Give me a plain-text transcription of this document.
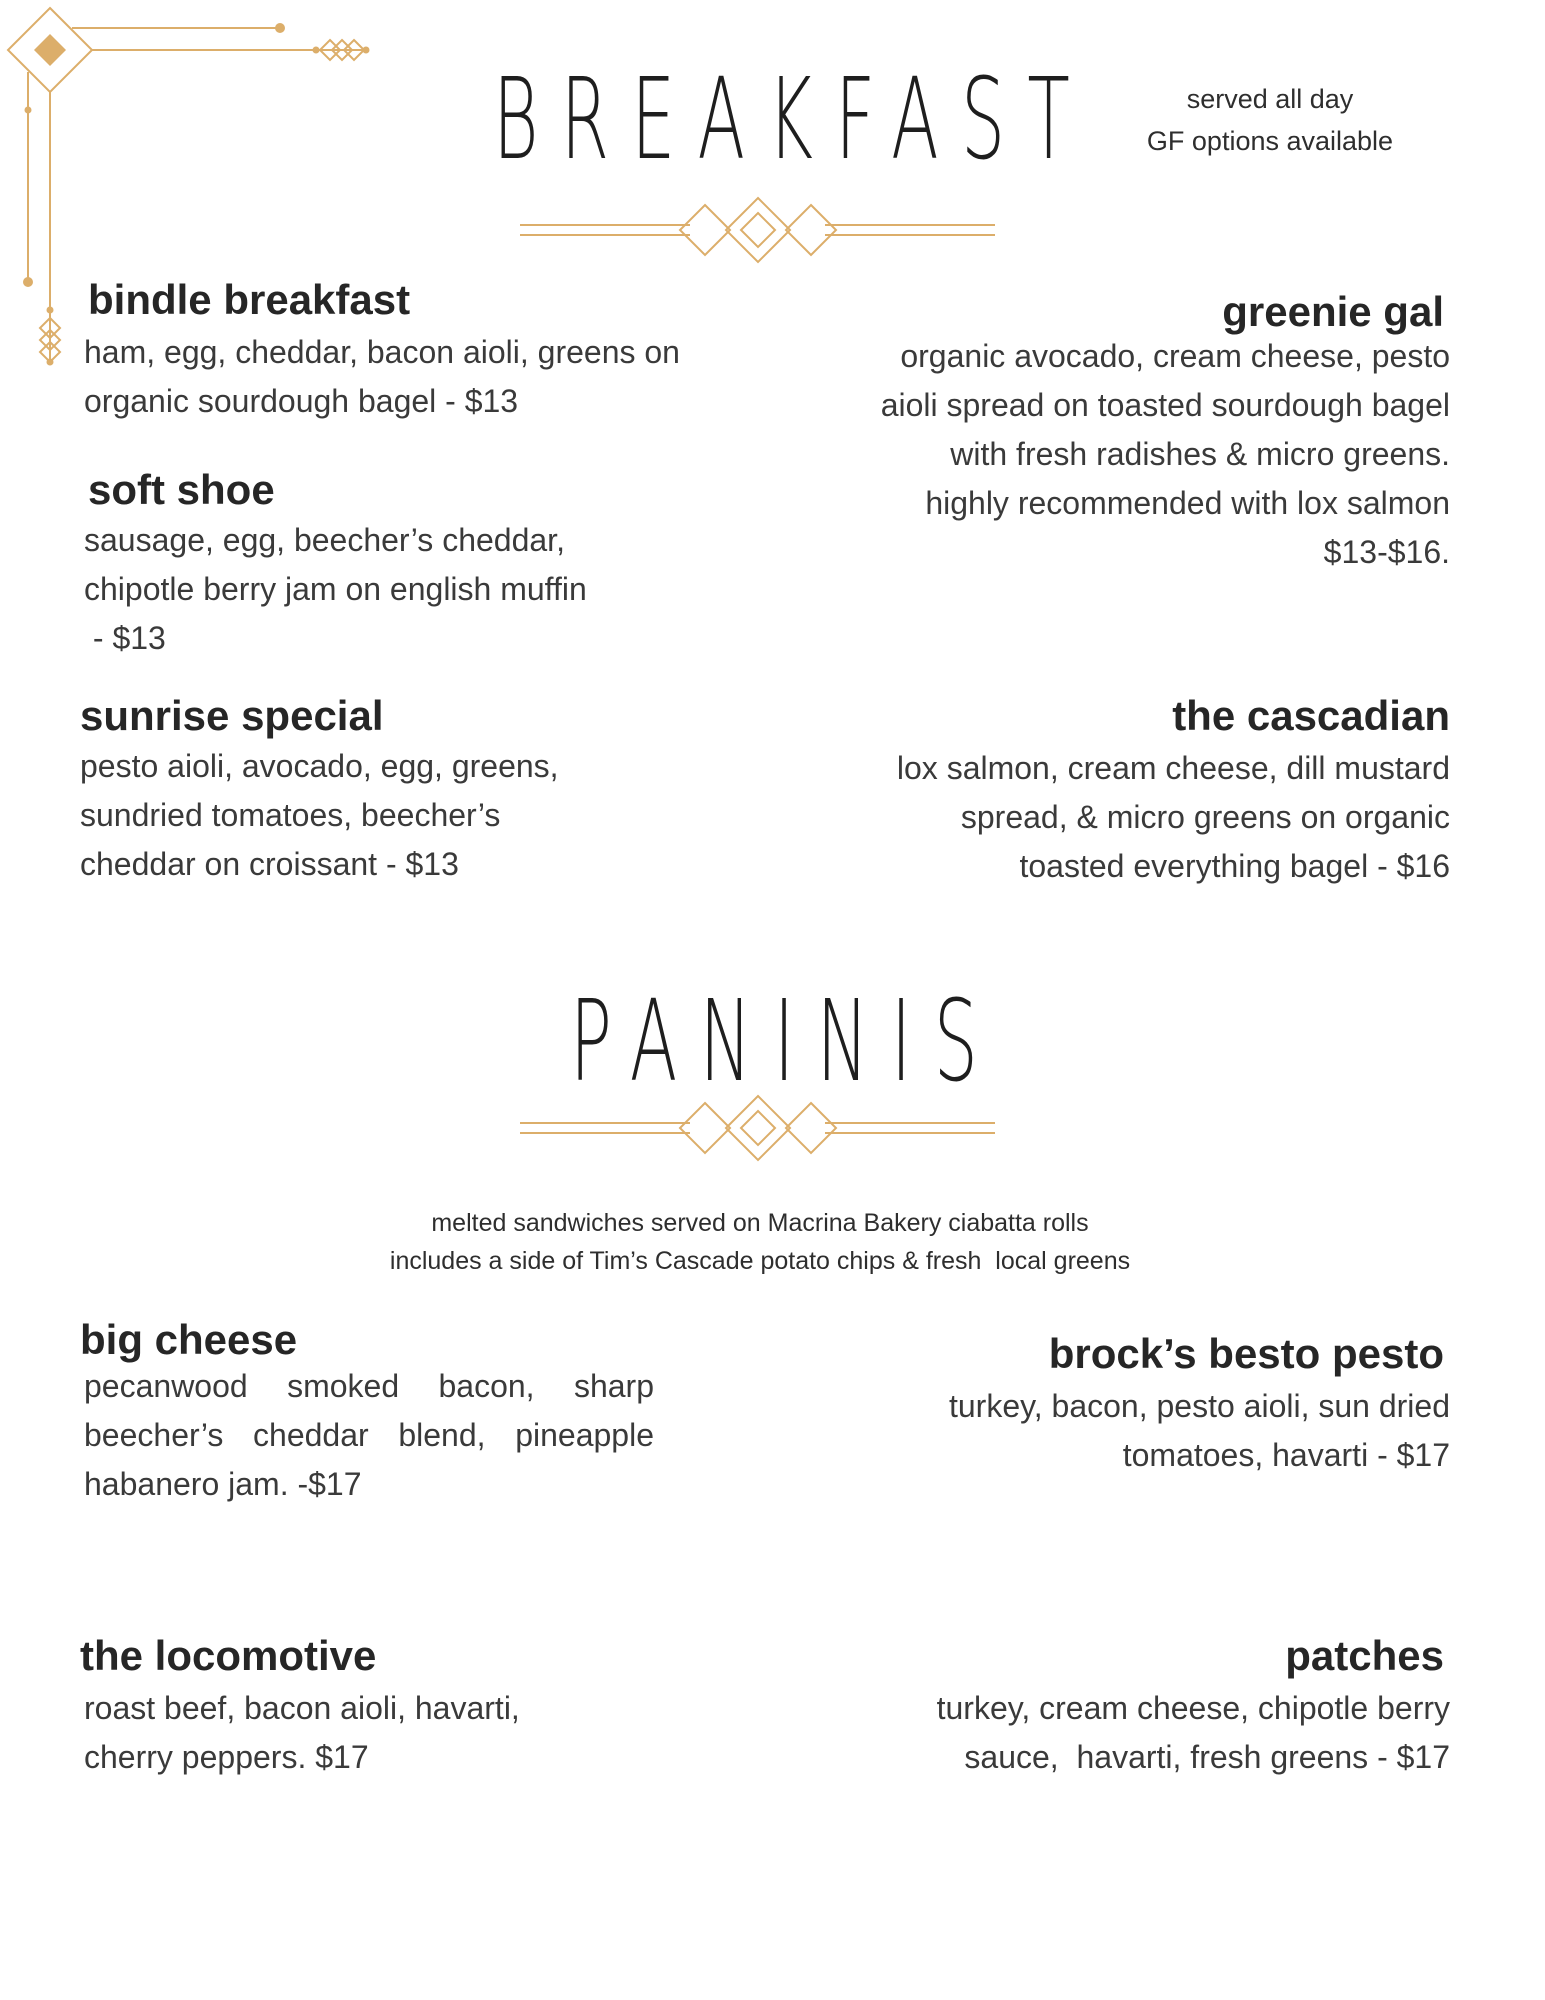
BREAKFAST	served all day
GF options available
bindle breakfast
ham, egg, cheddar, bacon aioli, greens on
organic sourdough bagel - $13
soft shoe
sausage, egg, beecher’s cheddar,
chipotle berry jam on english muffin
- $13
sunrise special
pesto aioli, avocado, egg, greens,
sundried tomatoes, beecher’s
cheddar on croissant - $13
greenie gal
organic avocado, cream cheese, pesto
aioli spread on toasted sourdough bagel
with fresh radishes & micro greens.
highly recommended with lox salmon
$13-$16.
the cascadian
lox salmon, cream cheese, dill mustard
spread, & micro greens on organic
toasted everything bagel - $16
PANINIS
melted sandwiches served on Macrina Bakery ciabatta rolls
includes a side of Tim’s Cascade potato chips & fresh  local greens
big cheese
pecanwood smoked bacon, sharp beecher’s cheddar blend, pineapple habanero jam. -$17
the locomotive
roast beef, bacon aioli, havarti,
cherry peppers. $17
brock’s besto pesto
turkey, bacon, pesto aioli, sun dried
tomatoes, havarti - $17
patches
turkey, cream cheese, chipotle berry
sauce,  havarti, fresh greens - $17
